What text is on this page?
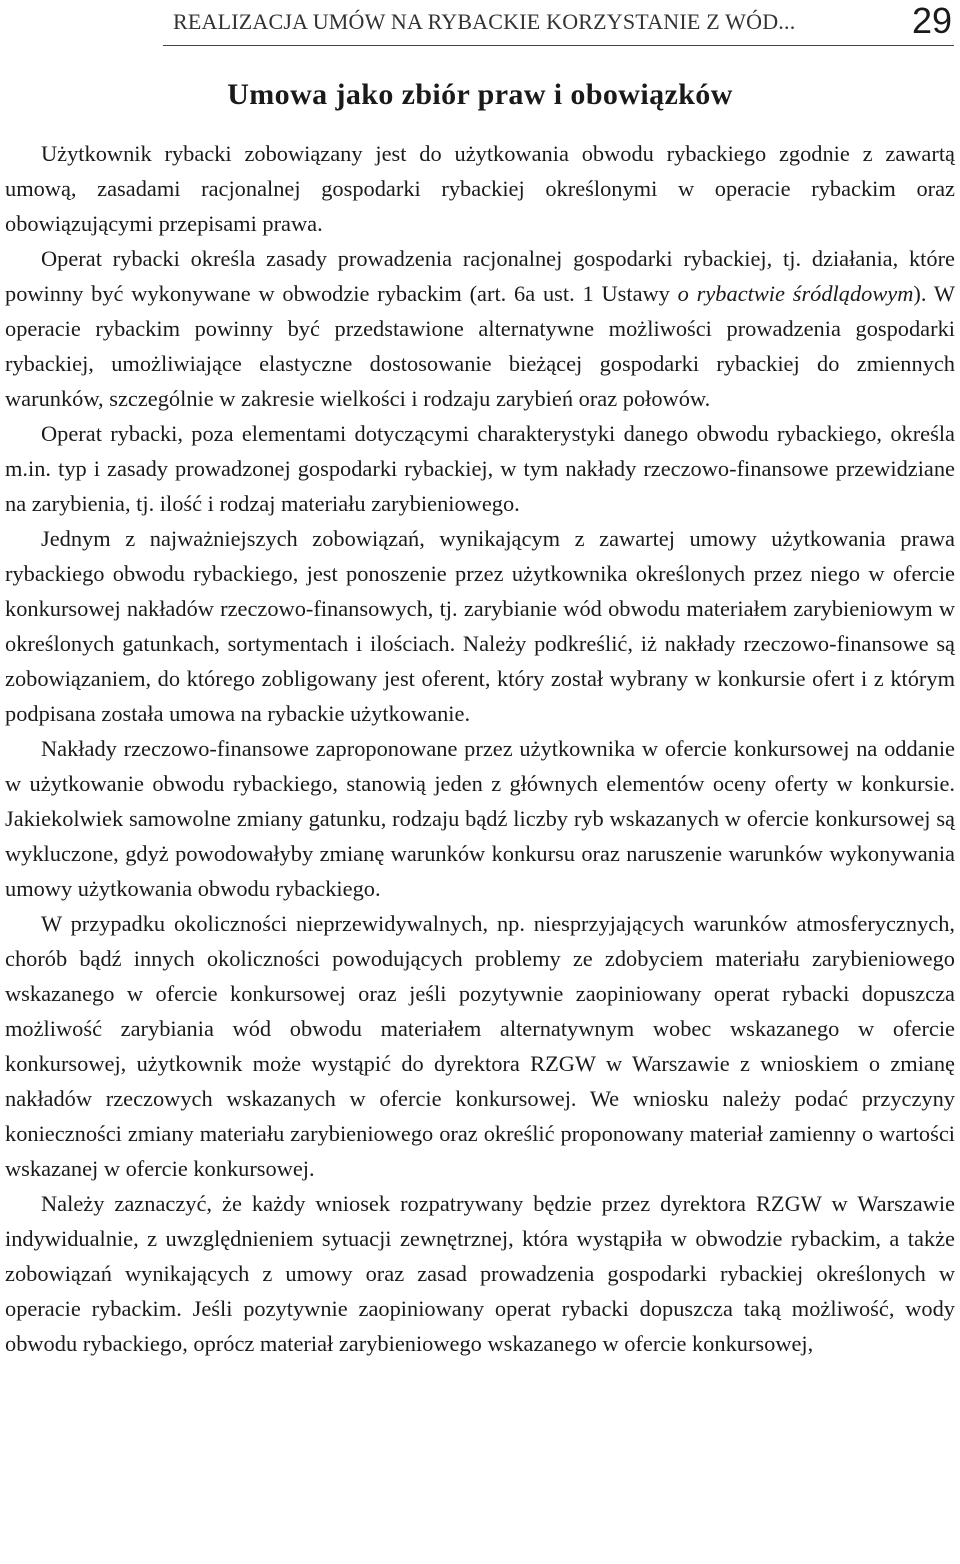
REALIZACJA UMÓW NA RYBACKIE KORZYSTANIE Z WÓD...	29
Umowa jako zbiór praw i obowiązków

Użytkownik rybacki zobowiązany jest do użytkowania obwodu rybackiego zgodnie z zawartą umową, zasadami racjonalnej gospodarki rybackiej określonymi w operacie rybackim oraz obowiązującymi przepisami prawa.

Operat rybacki określa zasady prowadzenia racjonalnej gospodarki rybackiej, tj. działania, które powinny być wykonywane w obwodzie rybackim (art. 6a ust. 1 Ustawy o rybactwie śródlądowym). W operacie rybackim powinny być przedstawione alternatywne możliwości prowadzenia gospodarki rybackiej, umożliwiające elastyczne dostosowanie bieżącej gospodarki rybackiej do zmiennych warunków, szczególnie w zakresie wielkości i rodzaju zarybień oraz połowów.

Operat rybacki, poza elementami dotyczącymi charakterystyki danego obwodu rybackiego, określa m.in. typ i zasady prowadzonej gospodarki rybackiej, w tym nakłady rzeczowo-finansowe przewidziane na zarybienia, tj. ilość i rodzaj materiału zarybieniowego.

Jednym z najważniejszych zobowiązań, wynikającym z zawartej umowy użytkowania prawa rybackiego obwodu rybackiego, jest ponoszenie przez użytkownika określonych przez niego w ofercie konkursowej nakładów rzeczowo-finansowych, tj. zarybianie wód obwodu materiałem zarybieniowym w określonych gatunkach, sortymentach i ilościach. Należy podkreślić, iż nakłady rzeczowo-finansowe są zobowiązaniem, do którego zobligowany jest oferent, który został wybrany w konkursie ofert i z którym podpisana została umowa na rybackie użytkowanie.

Nakłady rzeczowo-finansowe zaproponowane przez użytkownika w ofercie konkursowej na oddanie w użytkowanie obwodu rybackiego, stanowią jeden z głównych elementów oceny oferty w konkursie. Jakiekolwiek samowolne zmiany gatunku, rodzaju bądź liczby ryb wskazanych w ofercie konkursowej są wykluczone, gdyż powodowałyby zmianę warunków konkursu oraz naruszenie warunków wykonywania umowy użytkowania obwodu rybackiego.

W przypadku okoliczności nieprzewidywalnych, np. niesprzyjających warunków atmosferycznych, chorób bądź innych okoliczności powodujących problemy ze zdobyciem materiału zarybieniowego wskazanego w ofercie konkursowej oraz jeśli pozytywnie zaopiniowany operat rybacki dopuszcza możliwość zarybiania wód obwodu materiałem alternatywnym wobec wskazanego w ofercie konkursowej, użytkownik może wystąpić do dyrektora RZGW w Warszawie z wnioskiem o zmianę nakładów rzeczowych wskazanych w ofercie konkursowej. We wniosku należy podać przyczyny konieczności zmiany materiału zarybieniowego oraz określić proponowany materiał zamienny o wartości wskazanej w ofercie konkursowej.

Należy zaznaczyć, że każdy wniosek rozpatrywany będzie przez dyrektora RZGW w Warszawie indywidualnie, z uwzględnieniem sytuacji zewnętrznej, która wystąpiła w obwodzie rybackim, a także zobowiązań wynikających z umowy oraz zasad prowadzenia gospodarki rybackiej określonych w operacie rybackim. Jeśli pozytywnie zaopiniowany operat rybacki dopuszcza taką możliwość, wody obwodu rybackiego, oprócz materiał zarybieniowego wskazanego w ofercie konkursowej,
